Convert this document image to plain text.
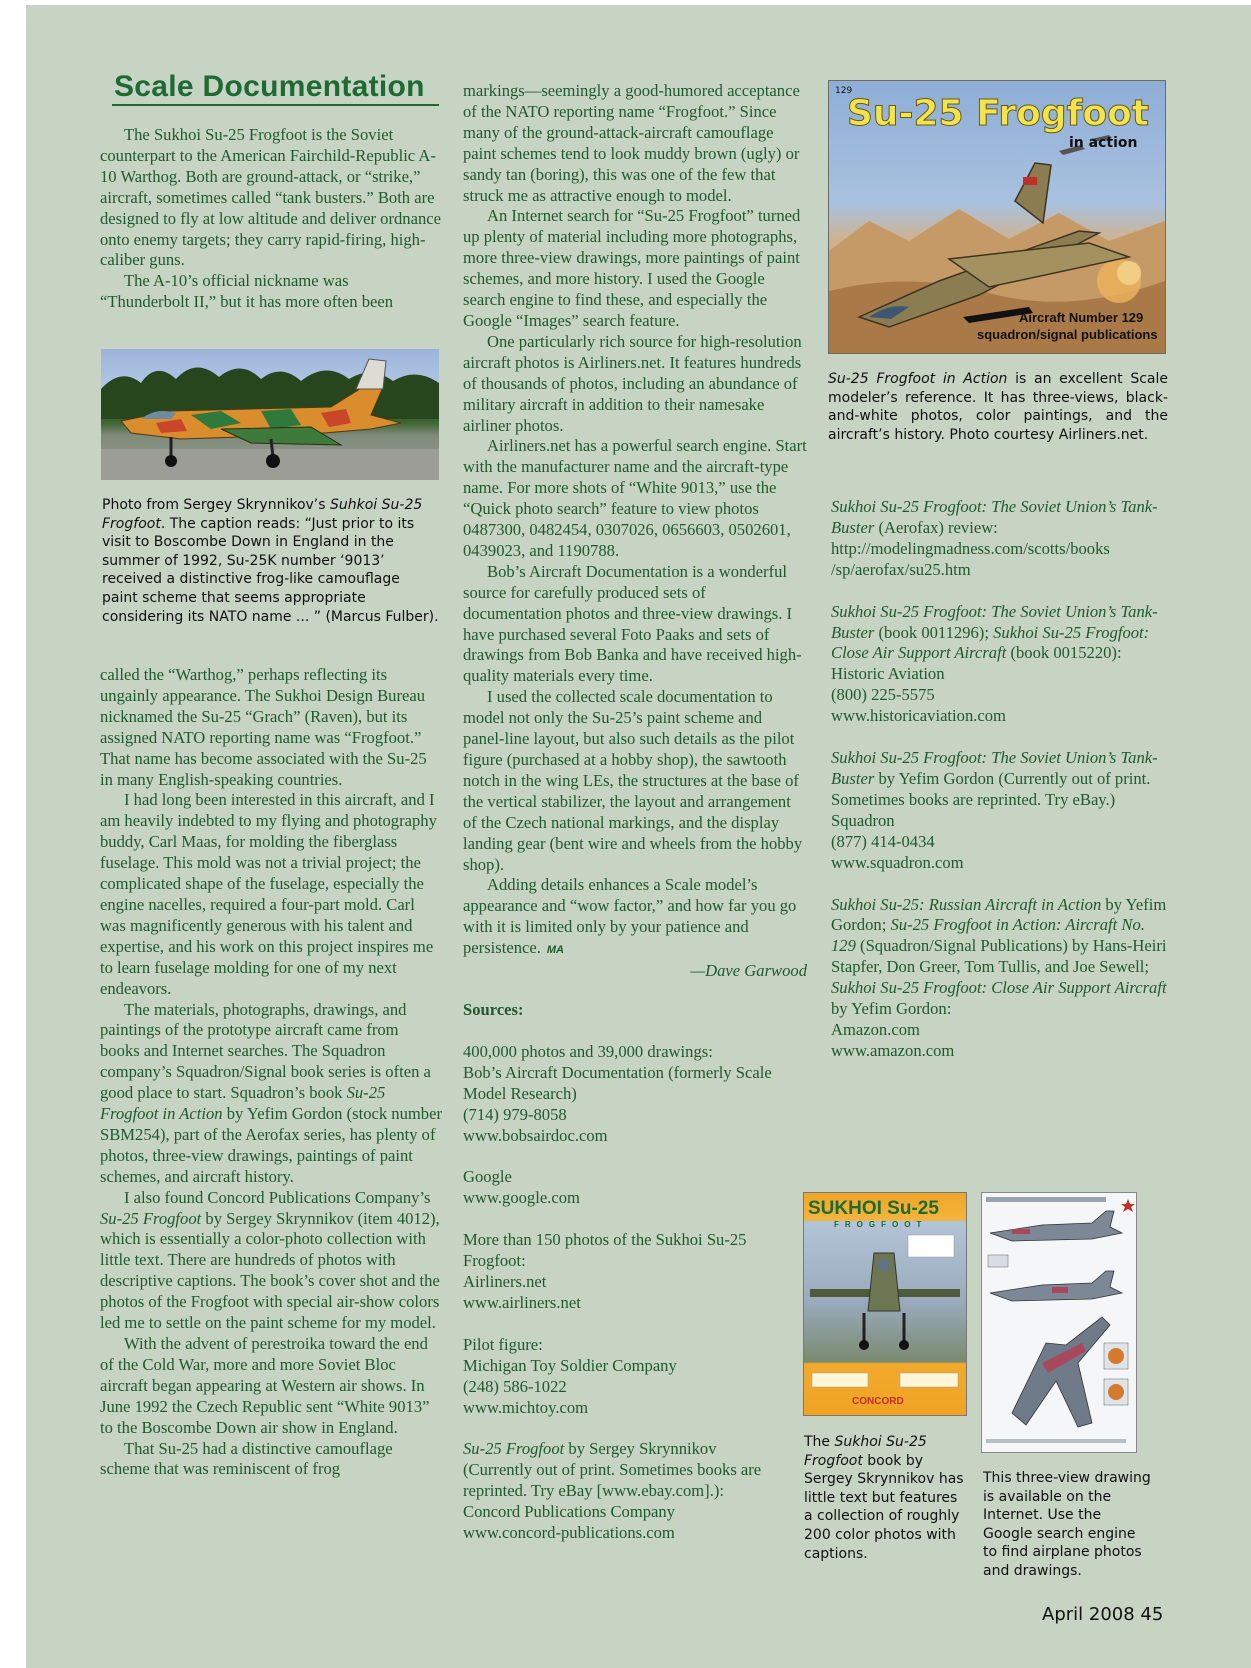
Scale Documentation

The Sukhoi Su-25 Frogfoot is the Soviet counterpart to the American Fairchild-Republic A-10 Warthog. Both are ground-attack, or “strike,” aircraft, sometimes called “tank busters.” Both are designed to fly at low altitude and deliver ordnance onto enemy targets; they carry rapid-firing, high-caliber guns.

The A-10’s official nickname was “Thunderbolt II,” but it has more often been

Photo from Sergey Skrynnikov’s Suhkoi Su-25 Frogfoot. The caption reads: “Just prior to its visit to Boscombe Down in England in the summer of 1992, Su-25K number ‘9013’ received a distinctive frog-like camouflage paint scheme that seems appropriate considering its NATO name ... ” (Marcus Fulber).

called the “Warthog,” perhaps reflecting its ungainly appearance. The Sukhoi Design Bureau nicknamed the Su-25 “Grach” (Raven), but its assigned NATO reporting name was “Frogfoot.” That name has become associated with the Su-25 in many English-speaking countries.

I had long been interested in this aircraft, and I am heavily indebted to my flying and photography buddy, Carl Maas, for molding the fiberglass fuselage. This mold was not a trivial project; the complicated shape of the fuselage, especially the engine nacelles, required a four-part mold. Carl was magnificently generous with his talent and expertise, and his work on this project inspires me to learn fuselage molding for one of my next endeavors.

The materials, photographs, drawings, and paintings of the prototype aircraft came from books and Internet searches. The Squadron company’s Squadron/Signal book series is often a good place to start. Squadron’s book Su-25 Frogfoot in Action by Yefim Gordon (stock number SBM254), part of the Aerofax series, has plenty of photos, three-view drawings, paintings of paint schemes, and aircraft history.

I also found Concord Publications Company’s Su-25 Frogfoot by Sergey Skrynnikov (item 4012), which is essentially a color-photo collection with little text. There are hundreds of photos with descriptive captions. The book’s cover shot and the photos of the Frogfoot with special air-show colors led me to settle on the paint scheme for my model.

With the advent of perestroika toward the end of the Cold War, more and more Soviet Bloc aircraft began appearing at Western air shows. In June 1992 the Czech Republic sent “White 9013” to the Boscombe Down air show in England.

That Su-25 had a distinctive camouflage scheme that was reminiscent of frog

markings—seemingly a good-humored acceptance of the NATO reporting name “Frogfoot.” Since many of the ground-attack-aircraft camouflage paint schemes tend to look muddy brown (ugly) or sandy tan (boring), this was one of the few that struck me as attractive enough to model.

An Internet search for “Su-25 Frogfoot” turned up plenty of material including more photographs, more three-view drawings, more paintings of paint schemes, and more history. I used the Google search engine to find these, and especially the Google “Images” search feature.

One particularly rich source for high-resolution aircraft photos is Airliners.net. It features hundreds of thousands of photos, including an abundance of military aircraft in addition to their namesake airliner photos.

Airliners.net has a powerful search engine. Start with the manufacturer name and the aircraft-type name. For more shots of “White 9013,” use the “Quick photo search” feature to view photos 0487300, 0482454, 0307026, 0656603, 0502601, 0439023, and 1190788.

Bob’s Aircraft Documentation is a wonderful source for carefully produced sets of documentation photos and three-view drawings. I have purchased several Foto Paaks and sets of drawings from Bob Banka and have received high-quality materials every time.

I used the collected scale documentation to model not only the Su-25’s paint scheme and panel-line layout, but also such details as the pilot figure (purchased at a hobby shop), the sawtooth notch in the wing LEs, the structures at the base of the vertical stabilizer, the layout and arrangement of the Czech national markings, and the display landing gear (bent wire and wheels from the hobby shop).

Adding details enhances a Scale model’s appearance and “wow factor,” and how far you go with it is limited only by your patience and persistence. MA

—Dave Garwood

Sources:
400,000 photos and 39,000 drawings:
Bob’s Aircraft Documentation (formerly Scale
Model Research)
(714) 979-8058
www.bobsairdoc.com
Google
www.google.com
More than 150 photos of the Sukhoi Su-25
Frogfoot:
Airliners.net
www.airliners.net
Pilot figure:
Michigan Toy Soldier Company
(248) 586-1022
www.michtoy.com
Su-25 Frogfoot by Sergey Skrynnikov
(Currently out of print. Sometimes books are
reprinted. Try eBay [www.ebay.com].):
Concord Publications Company
www.concord-publications.com
Su-25 Frogfoot
in action
129
Aircraft Number 129
squadron/signal publications
Su-25 Frogfoot in Action is an excellent Scale modeler’s reference. It has three-views, black-and-white photos, color paintings, and the aircraft’s history. Photo courtesy Airliners.net.
Sukhoi Su-25 Frogfoot: The Soviet Union’s Tank-Buster (Aerofax) review:
http://modelingmadness.com/scotts/books
/sp/aerofax/su25.htm
Sukhoi Su-25 Frogfoot: The Soviet Union’s Tank-Buster (book 0011296); Sukhoi Su-25 Frogfoot: Close Air Support Aircraft (book 0015220):
Historic Aviation
(800) 225-5575
www.historicaviation.com
Sukhoi Su-25 Frogfoot: The Soviet Union’s Tank-Buster by Yefim Gordon (Currently out of print. Sometimes books are reprinted. Try eBay.)
Squadron
(877) 414-0434
www.squadron.com
Sukhoi Su-25: Russian Aircraft in Action by Yefim Gordon; Su-25 Frogfoot in Action: Aircraft No. 129 (Squadron/Signal Publications) by Hans-Heiri Stapfer, Don Greer, Tom Tullis, and Joe Sewell; Sukhoi Su-25 Frogfoot: Close Air Support Aircraft by Yefim Gordon:
Amazon.com
www.amazon.com
SUKHOI Su-25
FROGFOOT
CONCORD
The Sukhoi Su-25 Frogfoot book by Sergey Skrynnikov has little text but features a collection of roughly 200 color photos with captions.
This three-view drawing is available on the Internet. Use the Google search engine to find airplane photos and drawings.
April 2008 45
